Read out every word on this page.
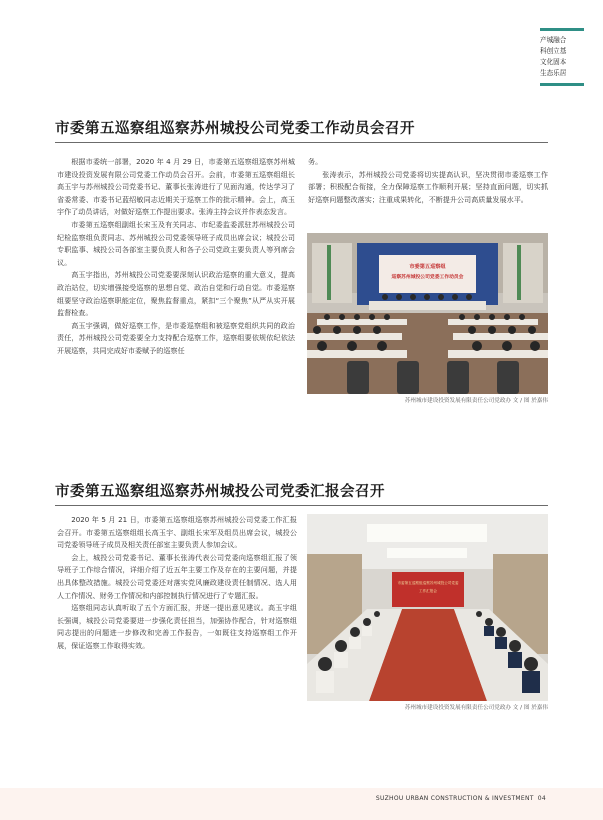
产城融合
科创立基
文化固本
生态乐居
市委第五巡察组巡察苏州城投公司党委工作动员会召开

根据市委统一部署，2020 年 4 月 29 日，市委第五巡察组巡察苏州城市建设投资发展有限公司党委工作动员会召开。会前，市委第五巡察组组长高玉宇与苏州城投公司党委书记、董事长张涛进行了见面沟通，传达学习了省委常委、市委书记蓝绍敏同志近期关于巡察工作的批示精神。会上，高玉宇作了动员讲话，对做好巡察工作提出要求。张涛主持会议并作表态发言。

市委第五巡察组副组长宋玉及有关同志、市纪委监委派驻苏州城投公司纪检监察组负责同志、苏州城投公司党委领导班子成员出席会议；城投公司专职监事、城投公司各部室主要负责人和各子公司党政主要负责人等列席会议。

高玉宇指出，苏州城投公司党委要深刻认识政治巡察的重大意义，提高政治站位，切实增强接受巡察的思想自觉、政治自觉和行动自觉。市委巡察组要坚守政治巡察职能定位，聚焦监督重点，紧扣“三个聚焦”从严从实开展监督检查。

高玉宇强调，做好巡察工作，是市委巡察组和被巡察党组织共同的政治责任，苏州城投公司党委要全力支持配合巡察工作，巡察组要依规依纪依法开展巡察，共同完成好市委赋予的巡察任

务。

张涛表示，苏州城投公司党委将切实提高认识，坚决贯彻市委巡察工作部署；积极配合衔接，全力保障巡察工作顺利开展；坚持直面问题，切实抓好巡察问题整改落实；注重成果转化，不断提升公司高质量发展水平。

市委第五巡察组
巡察苏州城投公司党委工作动员会
苏州城市建设投资发展有限责任公司党政办 文 / 图 於嘉伟
市委第五巡察组巡察苏州城投公司党委汇报会召开

2020 年 5 月 21 日，市委第五巡察组巡察苏州城投公司党委工作汇报会召开。市委第五巡察组组长高玉宇、副组长宋军及组员出席会议，城投公司党委领导班子成员及相关责任部室主要负责人参加会议。

会上，城投公司党委书记、董事长张涛代表公司党委向巡察组汇报了领导班子工作综合情况，详细介绍了近五年主要工作及存在的主要问题，并提出具体整改措施。城投公司党委还对落实党风廉政建设责任制情况、选人用人工作情况、财务工作情况和内部控制执行情况进行了专题汇报。

巡察组同志认真听取了五个方面汇报，并逐一提出意见建议。高玉宇组长强调，城投公司党委要进一步强化责任担当，加强协作配合，针对巡察组同志提出的问题进一步修改和完善工作报告，一如既往支持巡察组工作开展，保证巡察工作取得实效。

市委第五巡察组巡察苏州城投公司党委
工作汇报会
苏州城市建设投资发展有限责任公司党政办 文 / 图 於嘉伟
SUZHOU URBAN CONSTRUCTION & INVESTMENT 04
